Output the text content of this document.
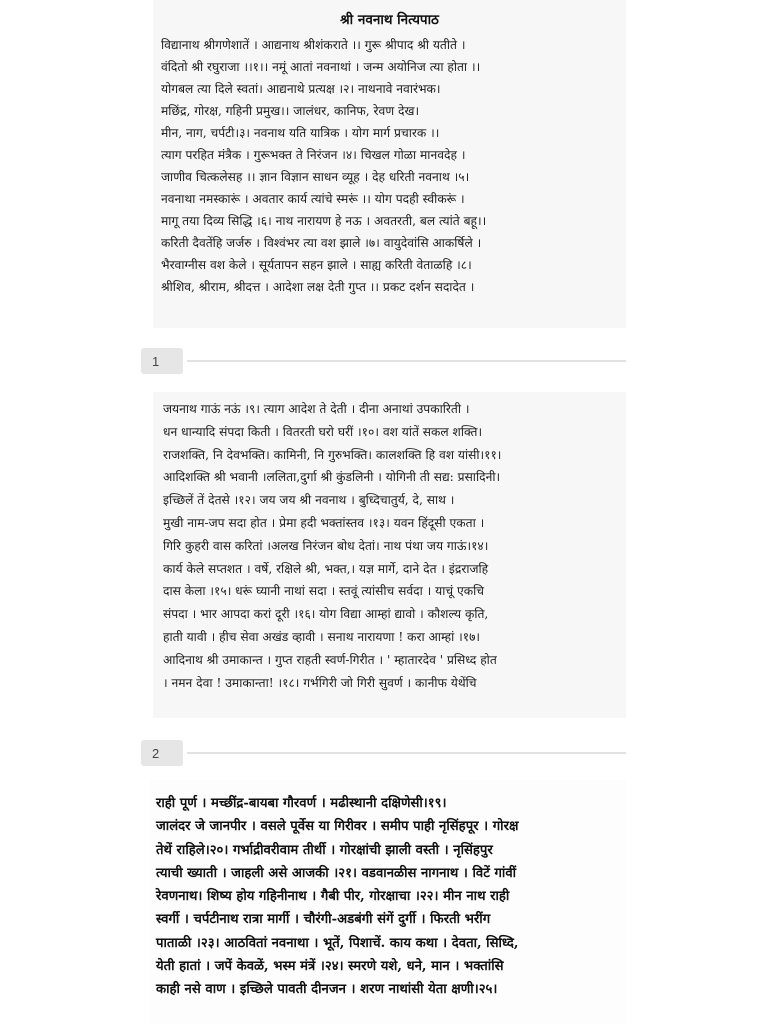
श्री नवनाथ नित्यपाठ
विद्यानाथ श्रीगणेशातें । आद्यनाथ श्रीशंकराते ।। गुरू श्रीपाद श्री यतीते ।
वंदितो श्री रघुराजा ।।१।। नमूं आतां नवनाथां । जन्म अयोनिज त्या होता ।।
योगबल त्या दिले स्वतां। आद्यनाथे प्रत्यक्ष ।२। नाथनावे नवारंभक।
मछिंद्र, गोरक्ष, गहिनी प्रमुख।। जालंधर, कानिफ, रेवण देख।
मीन, नाग, चर्पटी।३। नवनाथ यति यात्रिक । योग मार्ग प्रचारक ।।
त्याग परहित मंत्रैक । गुरूभक्त ते निरंजन ।४। चिखल गोळा मानवदेह ।
जाणीव चित्कलेसह ।। ज्ञान विज्ञान साधन व्यूह । देह धरिती नवनाथ ।५।
नवनाथा नमस्कारूं । अवतार कार्य त्यांचे स्मरूं ।। योग पदही स्वीकरूं ।
मागू तया दिव्य सिद्धि ।६। नाथ नारायण हे नऊ । अवतरती, बल त्यांते बहू।।
करिती दैवतेंहि जर्जरु । विश्वंभर त्या वश झाले ।७। वायुदेवांसि आकर्षिले ।
भैरवाग्नीस वश केले । सूर्यतापन सहन झाले । साह्य करिती वेताळहि ।८।
श्रीशिव, श्रीराम, श्रीदत्त । आदेशा लक्ष देती गुप्त ।। प्रकट दर्शन सदादेत ।
1
जयनाथ गाऊं नऊं ।९। त्याग आदेश ते देती । दीना अनाथां उपकारिती ।
धन धान्यादि संपदा किती । वितरती घरो घरीं ।१०। वश यांतें सकल शक्ति।
राजशक्ति, नि देवभक्ति। कामिनी, नि गुरुभक्ति। कालशक्ति हि वश यांसी।११।
आदिशक्ति श्री भवानी ।ललिता,दुर्गा श्री कुंडलिनी । योगिनी ती सद्य: प्रसादिनी।
इच्छिलें तें देतसे ।१२। जय जय श्री नवनाथ । बुध्दिचातुर्य, दे, साथ ।
मुखी नाम-जप सदा होत । प्रेमा हदी भक्तांस्तव ।१३। यवन हिंदूसी एकता ।
गिरि कुहरी वास करितां ।अलख निरंजन बोध देतां। नाथ पंथा जय गाऊं।१४।
कार्य केले सप्तशत । वर्षे, रक्षिले श्री, भक्त,। यज्ञ मार्गे, दाने देत । इंद्रराजहि
दास केला ।१५। धरूं घ्यानी नाथां सदा । स्तवूं त्यांसीच सर्वदा । याचूं एकचि
संपदा । भार आपदा करां दूरी ।१६। योग विद्या आम्हां द्यावो । कौशल्य कृति,
हाती यावी । हीच सेवा अखंड व्हावी । सनाथ नारायणा ! करा आम्हां ।१७।
आदिनाथ श्री उमाकान्त । गुप्त राहती स्वर्ण-गिरीत । ' म्हातारदेव ' प्रसिध्द होत
। नमन देवा ! उमाकान्ता! ।१८। गर्भगिरी जो गिरी सुवर्ण । कानीफ येथेंचि
2
राही पूर्ण । मच्छींद्र-बायबा गौरवर्ण । मढीस्थानी दक्षिणेसी।१९।
जालंदर जे जानपीर । वसले पूर्वेस या गिरीवर । समीप पाही नृसिंहपूर । गोरक्ष
तेथें राहिले।२०। गर्भाद्रीवरीवाम तीर्थी । गोरक्षांची झाली वस्ती । नृसिंहपुर
त्याची ख्याती । जाहली असे आजकी ।२१। वडवानळीस नागनाथ । विटें गांवीं
रेवणनाथ। शिष्य होय गहिनीनाथ । गैबी पीर, गोरक्षाचा ।२२। मीन नाथ राही
स्वर्गी । चर्पटीनाथ रात्रा मार्गी । चौरंगी-अडबंगी संगें दुर्गी । फिरती भरींग
पाताळी ।२३। आठवितां नवनाथा । भूतें, पिशाचें. काय कथा । देवता, सिध्दि,
येती हातां । जपें केवळें, भस्म मंत्रें ।२४। स्मरणे यशे, धने, मान । भक्तांसि
काही नसे वाण । इच्छिले पावती दीनजन । शरण नाथांसी येता क्षणी।२५।
